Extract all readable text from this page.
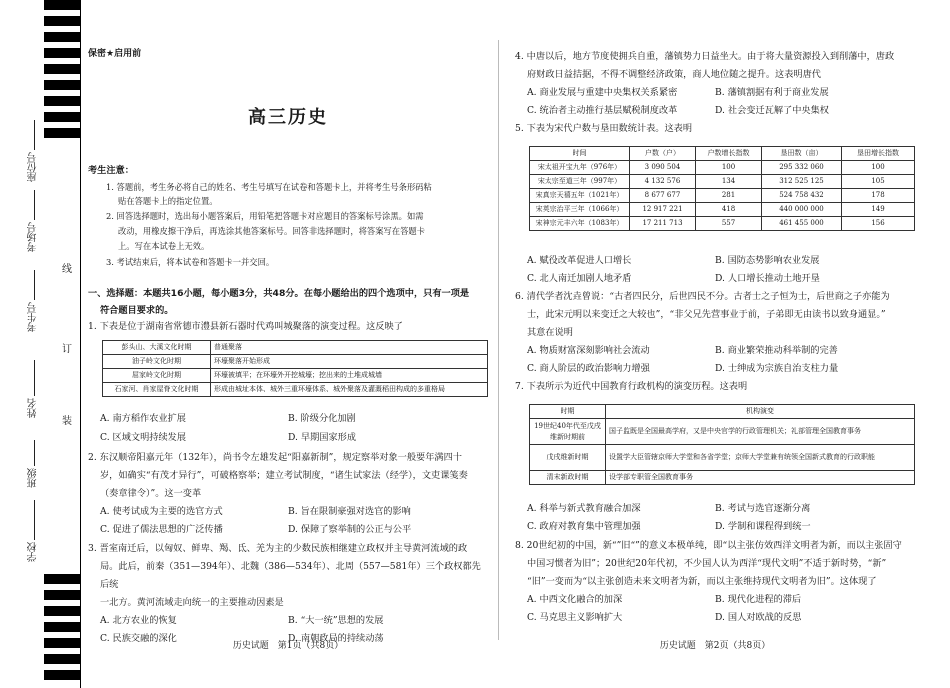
座位号
考场号
考生号
姓名
班级
学校
线
订
装
保密★启用前
高三历史
考生注意：
1. 答题前，考生务必将自己的姓名、考生号填写在试卷和答题卡上，并将考生号条形码粘
贴在答题卡上的指定位置。
2. 回答选择题时，选出每小题答案后，用铅笔把答题卡对应题目的答案标号涂黑。如需
改动，用橡皮擦干净后，再选涂其他答案标号。回答非选择题时，将答案写在答题卡
上。写在本试卷上无效。
3. 考试结束后，将本试卷和答题卡一并交回。
一、选择题：本题共16小题，每小题3分，共48分。在每小题给出的四个选项中，只有一项是
符合题目要求的。
1. 下表是位于湖南省常德市澧县新石器时代鸡叫城聚落的演变过程。这反映了
彭头山、大溪文化时期	普通聚落
油子岭文化时期	环壕聚落开始形成
屈家岭文化时期	环壕被填平；在环壕外开挖城壕；挖出来的土堆成城墙
石家河、肖家屋脊文化时期	形成由城址本体、城外三重环壕体系、城外聚落及灌溉稻田构成的多重格局
A. 南方稻作农业扩展	B. 阶级分化加剧
C. 区域文明持续发展	D. 早期国家形成
2. 东汉顺帝阳嘉元年（132年），尚书令左雄发起“阳嘉新制”，规定察举对象一般要年满四十
岁，如确实“有茂才异行”，可破格察举；建立考试制度，“诸生试家法（经学），文吏课笺奏
（奏章律令）”。这一变革
A. 使考试成为主要的选官方式	B. 旨在限制豪强对选官的影响
C. 促进了儒法思想的广泛传播	D. 保障了察举制的公正与公平
3. 晋室南迁后，以匈奴、鲜卑、羯、氐、羌为主的少数民族相继建立政权并主导黄河流域的政
局。此后，前秦（351—394年）、北魏（386—534年）、北周（557—581年）三个政权都先后统
一北方。黄河流域走向统一的主要推动因素是
A. 北方农业的恢复	B. “大一统”思想的发展
C. 民族交融的深化	D. 南朝政局的持续动荡
历史试题　第1页（共8页）
4. 中唐以后，地方节度使拥兵自重，藩镇势力日益坐大。由于将大量资源投入到削藩中，唐政
府财政日益拮据，不得不调整经济政策，商人地位随之提升。这表明唐代
A. 商业发展与重建中央集权关系紧密	B. 藩镇割据有利于商业发展
C. 统治者主动推行基层赋税制度改革	D. 社会变迁瓦解了中央集权
5. 下表为宋代户数与垦田数统计表。这表明
时间	户数（户）	户数增长指数	垦田数（亩）	垦田增长指数
宋太祖开宝九年（976年）	3 090 504	100	295 332 060	100
宋太宗至道三年（997年）	4 132 576	134	312 525 125	105
宋真宗天禧五年（1021年）	8 677 677	281	524 758 432	178
宋英宗治平三年（1066年）	12 917 221	418	440 000 000	149
宋神宗元丰六年（1083年）	17 211 713	557	461 455 000	156
A. 赋役改革促进人口增长	B. 国防态势影响农业发展
C. 北人南迁加剧人地矛盾	D. 人口增长推动土地开垦
6. 清代学者沈垚曾说：“古者四民分，后世四民不分。古者士之子恒为士，后世商之子亦能为
士，此宋元明以来变迁之大较也”，“非父兄先营事业于前，子弟即无由读书以致身通显。”
其意在说明
A. 物质财富深刻影响社会流动	B. 商业繁荣推动科举制的完善
C. 商人阶层的政治影响力增强	D. 士绅成为宗族自治支柱力量
7. 下表所示为近代中国教育行政机构的演变历程。这表明
时期	机构演变
19世纪40年代至戊戌维新时期前	国子监既是全国最高学府，又是中央官学的行政管理机关；礼部管理全国教育事务
戊戌维新时期	设置学大臣管辖京师大学堂和各省学堂；京师大学堂兼有统领全国新式教育的行政职能
清末新政时期	设学部专职管全国教育事务
A. 科举与新式教育融合加深	B. 考试与选官逐渐分离
C. 政府对教育集中管理加强	D. 学制和课程得到统一
8. 20世纪初的中国，新“”旧“”的意义本极单纯，即“以主张仿效西洋文明者为新，而以主张固守
中国习惯者为旧”；20世纪20年代初，不少国人认为西洋“现代文明”不适于新时势，“新”
“旧”一变而为“以主张创造未来文明者为新，而以主张维持现代文明者为旧”。这体现了
A. 中西文化融合的加深	B. 现代化进程的滞后
C. 马克思主义影响扩大	D. 国人对欧战的反思
历史试题　第2页（共8页）
